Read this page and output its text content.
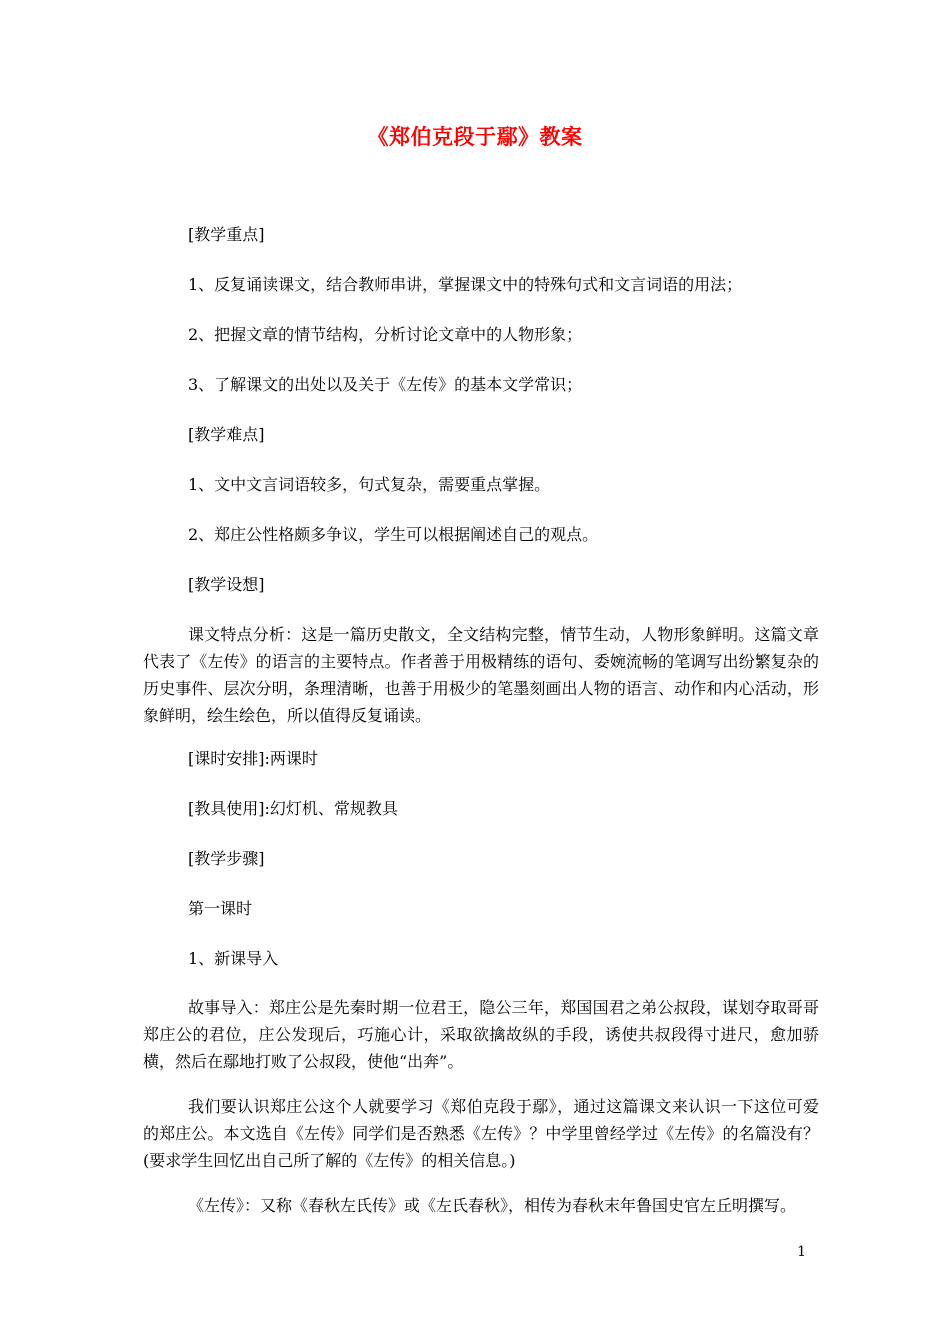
《郑伯克段于鄢》教案

[教学重点]

1、反复诵读课文，结合教师串讲，掌握课文中的特殊句式和文言词语的用法；

2、把握文章的情节结构，分析讨论文章中的人物形象；

3、了解课文的出处以及关于《左传》的基本文学常识；

[教学难点]

1、文中文言词语较多，句式复杂，需要重点掌握。

2、郑庄公性格颇多争议，学生可以根据阐述自己的观点。

[教学设想]

课文特点分析：这是一篇历史散文，全文结构完整，情节生动，人物形象鲜明。这篇文章代表了《左传》的语言的主要特点。作者善于用极精练的语句、委婉流畅的笔调写出纷繁复杂的历史事件、层次分明，条理清晰，也善于用极少的笔墨刻画出人物的语言、动作和内心活动，形象鲜明，绘生绘色，所以值得反复诵读。

[课时安排]:两课时

[教具使用]:幻灯机、常规教具

[教学步骤]

第一课时

1、新课导入

故事导入：郑庄公是先秦时期一位君王，隐公三年，郑国国君之弟公叔段，谋划夺取哥哥郑庄公的君位，庄公发现后，巧施心计，采取欲擒故纵的手段，诱使共叔段得寸进尺，愈加骄横，然后在鄢地打败了公叔段，使他“出奔”。

我们要认识郑庄公这个人就要学习《郑伯克段于鄢》，通过这篇课文来认识一下这位可爱的郑庄公。本文选自《左传》同学们是否熟悉《左传》？中学里曾经学过《左传》的名篇没有？(要求学生回忆出自己所了解的《左传》的相关信息。)

《左传》：又称《春秋左氏传》或《左氏春秋》，相传为春秋末年鲁国史官左丘明撰写。

1
